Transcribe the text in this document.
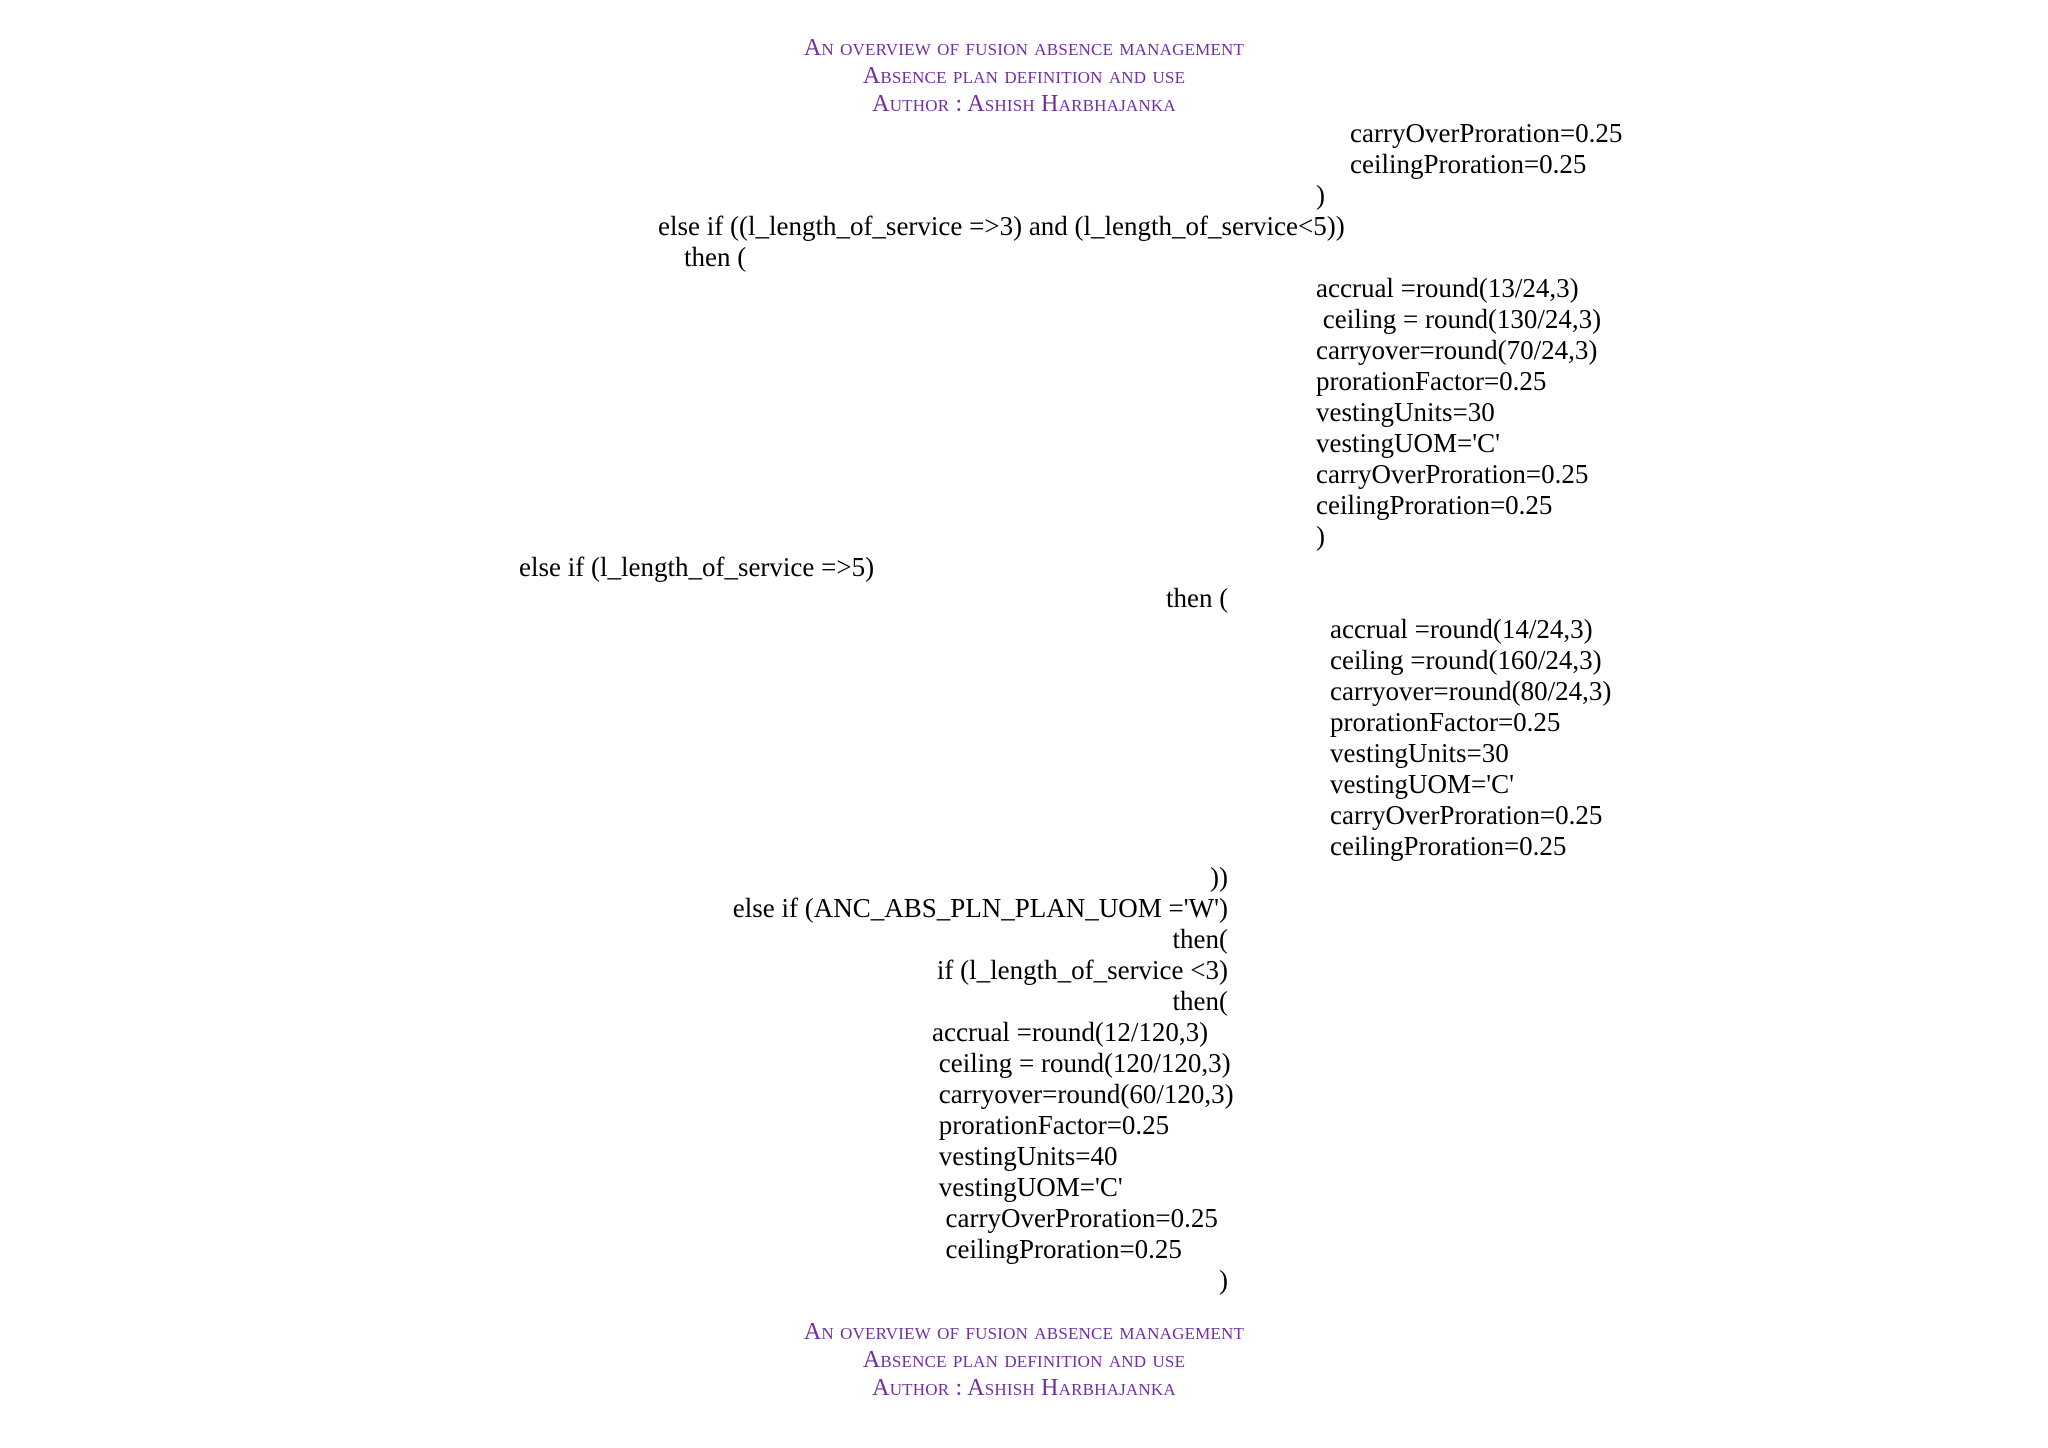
An overview of fusion absence management
Absence plan definition and use
Author : Ashish Harbhajanka
carryOverProration=0.25
ceilingProration=0.25
)
else if ((l_length_of_service =>3) and (l_length_of_service<5))
then (
accrual =round(13/24,3)
ceiling = round(130/24,3)
carryover=round(70/24,3)
prorationFactor=0.25
vestingUnits=30
vestingUOM='C'
carryOverProration=0.25
ceilingProration=0.25
)
else if (l_length_of_service =>5)
then (
accrual =round(14/24,3)
ceiling =round(160/24,3)
carryover=round(80/24,3)
prorationFactor=0.25
vestingUnits=30
vestingUOM='C'
carryOverProration=0.25
ceilingProration=0.25
))
else if (ANC_ABS_PLN_PLAN_UOM ='W')
then(
if (l_length_of_service <3)
then(
accrual =round(12/120,3)
ceiling = round(120/120,3)
carryover=round(60/120,3)
prorationFactor=0.25
vestingUnits=40
vestingUOM='C'
carryOverProration=0.25
ceilingProration=0.25
)
An overview of fusion absence management
Absence plan definition and use
Author : Ashish Harbhajanka
